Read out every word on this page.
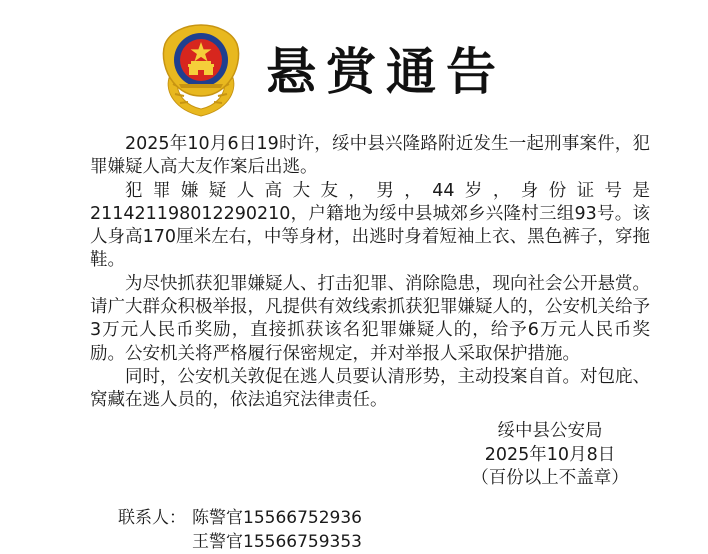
悬赏通告

2025年10月6日19时许，绥中县兴隆路附近发生一起刑事案件，犯罪嫌疑人高大友作案后出逃。

犯罪嫌疑人高大友，男，44岁，身份证号是211421198012290210，户籍地为绥中县城郊乡兴隆村三组93号。该人身高170厘米左右，中等身材，出逃时身着短袖上衣、黑色裤子，穿拖鞋。

为尽快抓获犯罪嫌疑人、打击犯罪、消除隐患，现向社会公开悬赏。请广大群众积极举报，凡提供有效线索抓获犯罪嫌疑人的，公安机关给予3万元人民币奖励，直接抓获该名犯罪嫌疑人的，给予6万元人民币奖励。公安机关将严格履行保密规定，并对举报人采取保护措施。

同时，公安机关敦促在逃人员要认清形势，主动投案自首。对包庇、窝藏在逃人员的，依法追究法律责任。

绥中县公安局
2025年10月8日
（百份以上不盖章）
联系人： 陈警官15566752936
王警官15566759353
